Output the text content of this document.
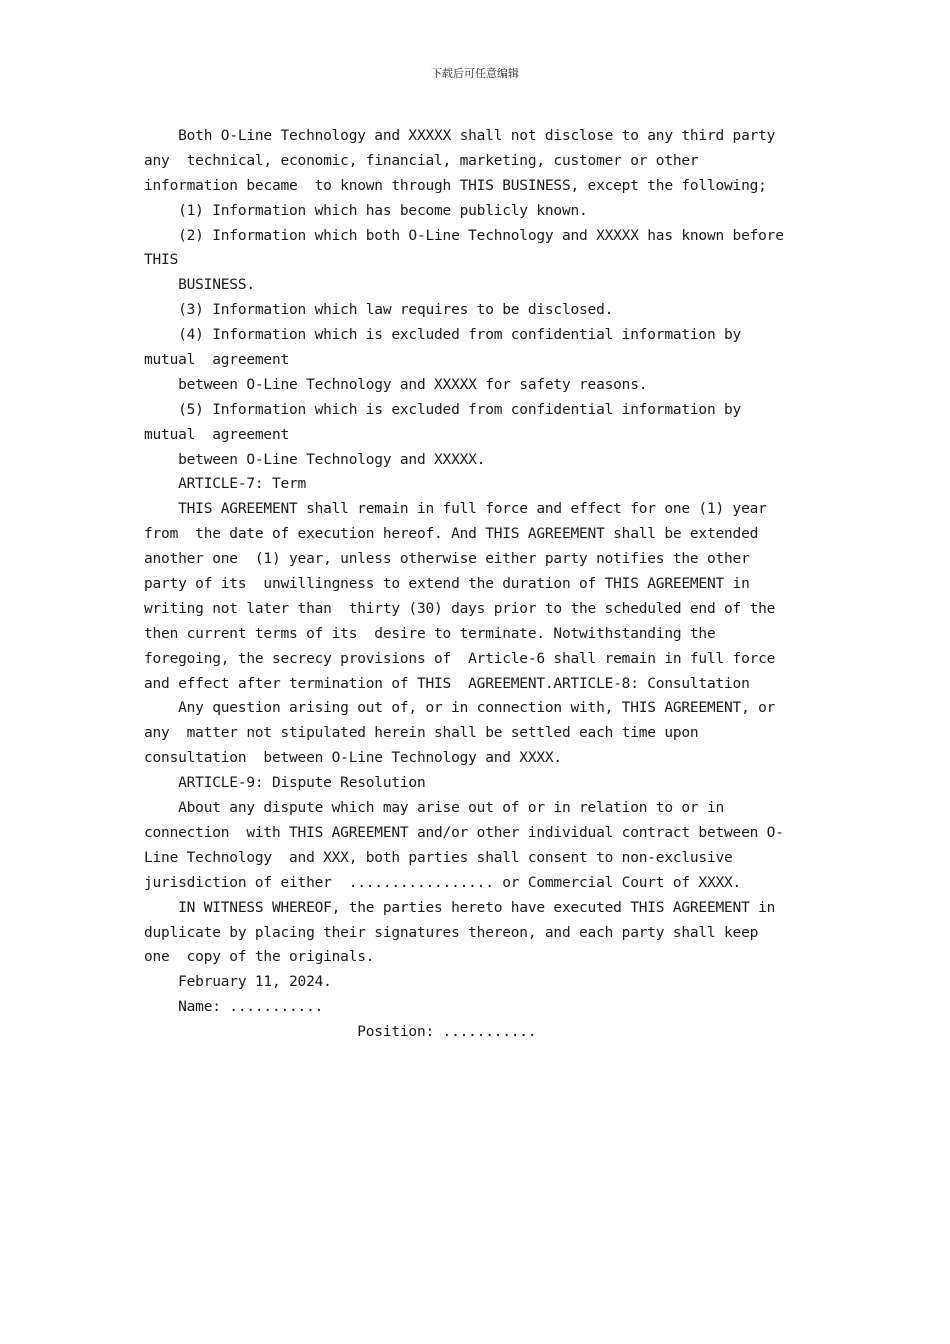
下载后可任意编辑
Both O-Line Technology and XXXXX shall not disclose to any third party
any  technical, economic, financial, marketing, customer or other
information became  to known through THIS BUSINESS, except the following;
(1) Information which has become publicly known.
(2) Information which both O-Line Technology and XXXXX has known before
THIS
BUSINESS.
(3) Information which law requires to be disclosed.
(4) Information which is excluded from confidential information by
mutual  agreement
between O-Line Technology and XXXXX for safety reasons.
(5) Information which is excluded from confidential information by
mutual  agreement
between O-Line Technology and XXXXX.
ARTICLE-7: Term
THIS AGREEMENT shall remain in full force and effect for one (1) year
from  the date of execution hereof. And THIS AGREEMENT shall be extended
another one  (1) year, unless otherwise either party notifies the other
party of its  unwillingness to extend the duration of THIS AGREEMENT in
writing not later than  thirty (30) days prior to the scheduled end of the
then current terms of its  desire to terminate. Notwithstanding the
foregoing, the secrecy provisions of  Article-6 shall remain in full force
and effect after termination of THIS  AGREEMENT.ARTICLE-8: Consultation
Any question arising out of, or in connection with, THIS AGREEMENT, or
any  matter not stipulated herein shall be settled each time upon
consultation  between O-Line Technology and XXXX.
ARTICLE-9: Dispute Resolution
About any dispute which may arise out of or in relation to or in
connection  with THIS AGREEMENT and/or other individual contract between O-
Line Technology  and XXX, both parties shall consent to non-exclusive
jurisdiction of either  ................. or Commercial Court of XXXX.
IN WITNESS WHEREOF, the parties hereto have executed THIS AGREEMENT in
duplicate by placing their signatures thereon, and each party shall keep
one  copy of the originals.
February 11, 2024.
Name: ...........
Position: ...........
